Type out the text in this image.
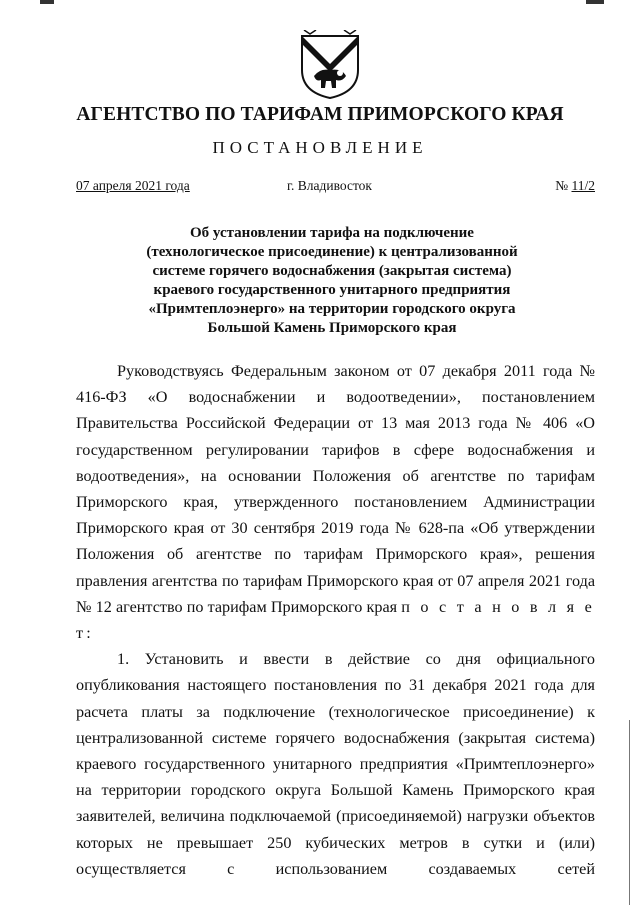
АГЕНТСТВО ПО ТАРИФАМ ПРИМОРСКОГО КРАЯ
ПОСТАНОВЛЕНИЕ
07 апреля 2021 года	г. Владивосток	№ 11/2
Об установлении тарифа на подключение
(технологическое присоединение) к централизованной
системе горячего водоснабжения (закрытая система)
краевого государственного унитарного предприятия
«Примтеплоэнерго» на территории городского округа
Большой Камень Приморского края

Руководствуясь Федеральным законом от 07 декабря 2011 года № 416-ФЗ «О водоснабжении и водоотведении», постановлением Правительства Российской Федерации от 13 мая 2013 года № 406 «О государственном регулировании тарифов в сфере водоснабжения и водоотведения», на основании Положения об агентстве по тарифам Приморского края, утвержденного постановлением Администрации Приморского края от 30 сентября 2019 года № 628-па «Об утверждении Положения об агентстве по тарифам Приморского края», решения правления агентства по тарифам Приморского края от 07 апреля 2021 года № 12 агентство по тарифам Приморского края п о с т а н о в л я е т:

1. Установить и ввести в действие со дня официального опубликования настоящего постановления по 31 декабря 2021 года для расчета платы за подключение (технологическое присоединение) к централизованной системе горячего водоснабжения (закрытая система) краевого государственного унитарного предприятия «Примтеплоэнерго» на территории городского округа Большой Камень Приморского края заявителей, величина подключаемой (присоединяемой) нагрузки объектов которых не превышает 250 кубических метров в сутки и (или) осуществляется с использованием создаваемых сетей
